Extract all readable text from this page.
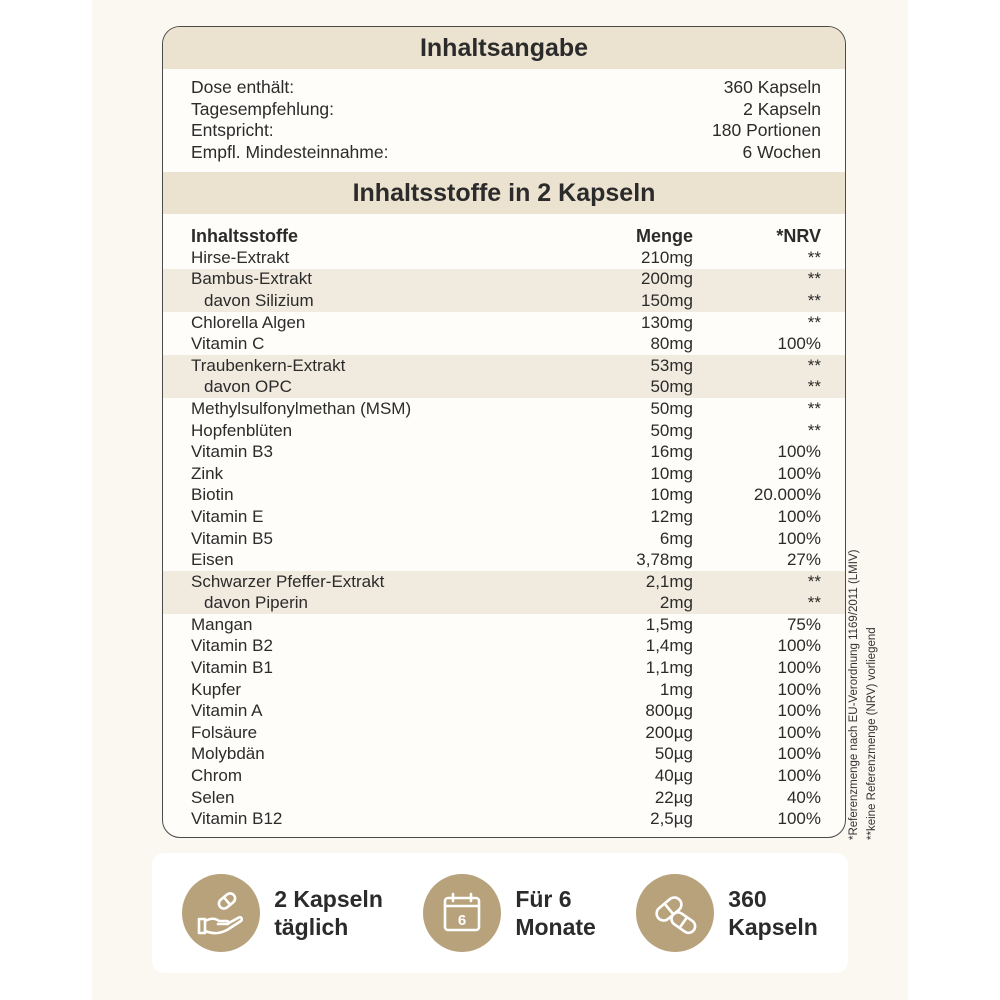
Inhaltsangabe
Dose enthält:	360 Kapseln
Tagesempfehlung:	2 Kapseln
Entspricht:	180 Portionen
Empfl. Mindesteinnahme:	6 Wochen
Inhaltsstoffe in 2 Kapseln
Inhaltsstoffe	Menge	*NRV
Hirse-Extrakt	210mg	**
Bambus-Extrakt	200mg	**
davon Silizium	150mg	**
Chlorella Algen	130mg	**
Vitamin C	80mg	100%
Traubenkern-Extrakt	53mg	**
davon OPC	50mg	**
Methylsulfonylmethan (MSM)	50mg	**
Hopfenblüten	50mg	**
Vitamin B3	16mg	100%
Zink	10mg	100%
Biotin	10mg	20.000%
Vitamin E	12mg	100%
Vitamin B5	6mg	100%
Eisen	3,78mg	27%
Schwarzer Pfeffer-Extrakt	2,1mg	**
davon Piperin	2mg	**
Mangan	1,5mg	75%
Vitamin B2	1,4mg	100%
Vitamin B1	1,1mg	100%
Kupfer	1mg	100%
Vitamin A	800µg	100%
Folsäure	200µg	100%
Molybdän	50µg	100%
Chrom	40µg	100%
Selen	22µg	40%
Vitamin B12	2,5µg	100% *Referenzmenge nach EU-Verordnung 1169/2011 (LMIV) **keine Referenzmenge (NRV) vorliegend
2 Kapseln
täglich	6
Für 6
Monate
360
Kapseln
